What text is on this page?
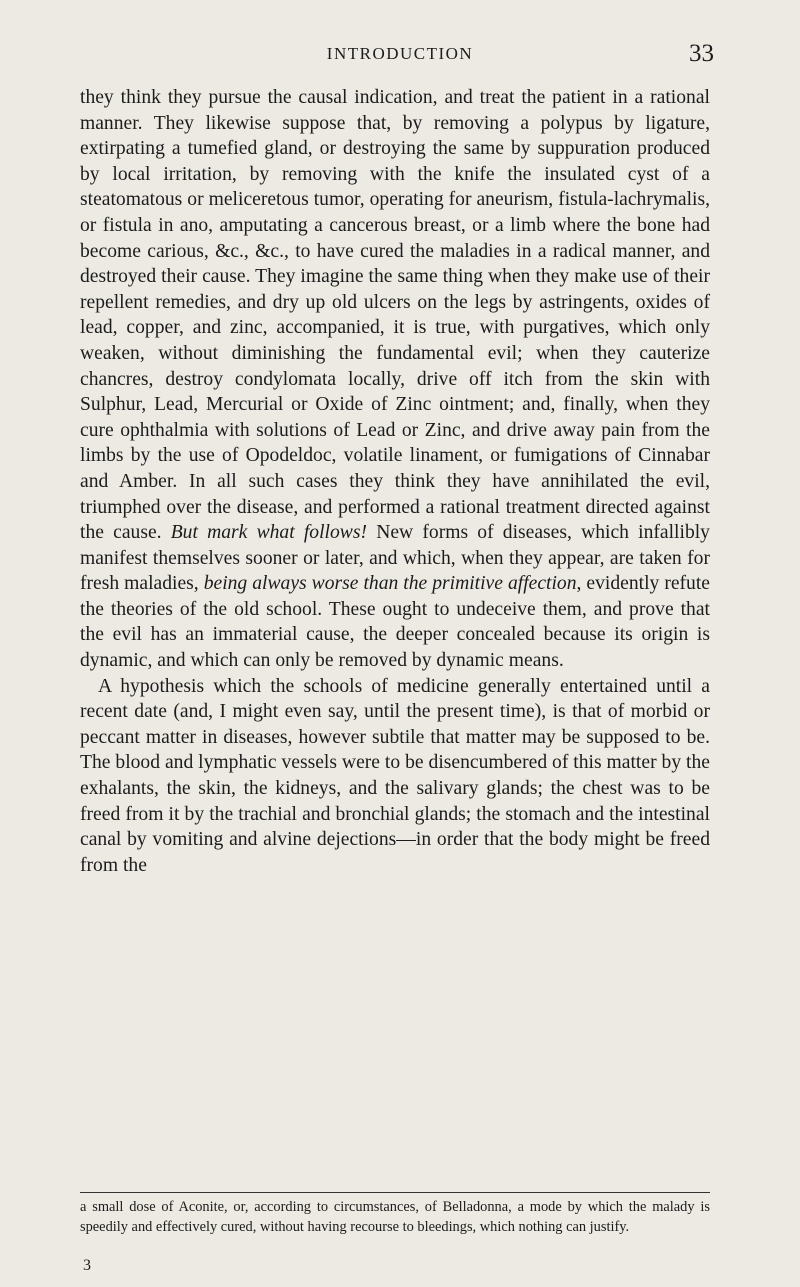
INTRODUCTION	33

they think they pursue the causal indication, and treat the patient in a rational manner. They likewise suppose that, by removing a polypus by ligature, extirpating a tumefied gland, or destroying the same by suppuration produced by local irritation, by removing with the knife the insulated cyst of a steatomatous or meliceretous tumor, operating for aneurism, fistula-lachrymalis, or fistula in ano, amputating a cancerous breast, or a limb where the bone had become carious, &c., &c., to have cured the maladies in a radical manner, and destroyed their cause. They imagine the same thing when they make use of their repellent remedies, and dry up old ulcers on the legs by astringents, oxides of lead, copper, and zinc, accompanied, it is true, with purgatives, which only weaken, without diminishing the fundamental evil; when they cauterize chancres, destroy condylomata locally, drive off itch from the skin with Sulphur, Lead, Mercurial or Oxide of Zinc ointment; and, finally, when they cure ophthalmia with solutions of Lead or Zinc, and drive away pain from the limbs by the use of Opodeldoc, volatile linament, or fumigations of Cinnabar and Amber. In all such cases they think they have annihilated the evil, triumphed over the disease, and performed a rational treatment directed against the cause. But mark what follows! New forms of diseases, which infallibly manifest themselves sooner or later, and which, when they appear, are taken for fresh maladies, being always worse than the primitive affection, evidently refute the theories of the old school. These ought to undeceive them, and prove that the evil has an immaterial cause, the deeper concealed because its origin is dynamic, and which can only be removed by dynamic means.

A hypothesis which the schools of medicine generally entertained until a recent date (and, I might even say, until the present time), is that of morbid or peccant matter in diseases, however subtile that matter may be supposed to be. The blood and lymphatic vessels were to be disencumbered of this matter by the exhalants, the skin, the kidneys, and the salivary glands; the chest was to be freed from it by the trachial and bronchial glands; the stomach and the intestinal canal by vomiting and alvine dejections—in order that the body might be freed from the

a small dose of Aconite, or, according to circumstances, of Belladonna, a mode by which the malady is speedily and effectively cured, without having recourse to bleedings, which nothing can justify.

3
